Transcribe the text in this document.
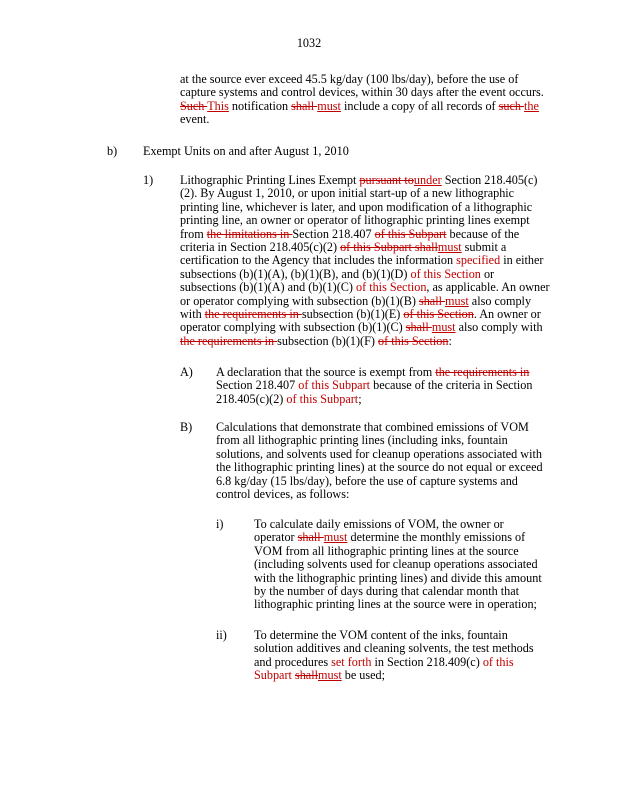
1032

at the source ever exceed 45.5 kg/day (100 lbs/day), before the use of capture systems and control devices, within 30 days after the event occurs. Such This notification shall must include a copy of all records of such the event.

b) Exempt Units on and after August 1, 2010
1) Lithographic Printing Lines Exempt pursuant tounder Section 218.405(c)(2). By August 1, 2010, or upon initial start-up of a new lithographic printing line, whichever is later, and upon modification of a lithographic printing line, an owner or operator of lithographic printing lines exempt from the limitations in Section 218.407 of this Subpart because of the criteria in Section 218.405(c)(2) of this Subpart shallmust submit a certification to the Agency that includes the information specified in either subsections (b)(1)(A), (b)(1)(B), and (b)(1)(D) of this Section or subsections (b)(1)(A) and (b)(1)(C) of this Section, as applicable. An owner or operator complying with subsection (b)(1)(B) shall must also comply with the requirements in subsection (b)(1)(E) of this Section. An owner or operator complying with subsection (b)(1)(C) shall must also comply with the requirements in subsection (b)(1)(F) of this Section:

A) A declaration that the source is exempt from the requirements in Section 218.407 of this Subpart because of the criteria in Section 218.405(c)(2) of this Subpart;

B) Calculations that demonstrate that combined emissions of VOM from all lithographic printing lines (including inks, fountain solutions, and solvents used for cleanup operations associated with the lithographic printing lines) at the source do not equal or exceed 6.8 kg/day (15 lbs/day), before the use of capture systems and control devices, as follows:

i)	To calculate daily emissions of VOM, the owner or operator shall must determine the monthly emissions of VOM from all lithographic printing lines at the source (including solvents used for cleanup operations associated with the lithographic printing lines) and divide this amount by the number of days during that calendar month that lithographic printing lines at the source were in operation;

ii) To determine the VOM content of the inks, fountain solution additives and cleaning solvents, the test methods and procedures set forth in Section 218.409(c) of this Subpart shallmust be used;
